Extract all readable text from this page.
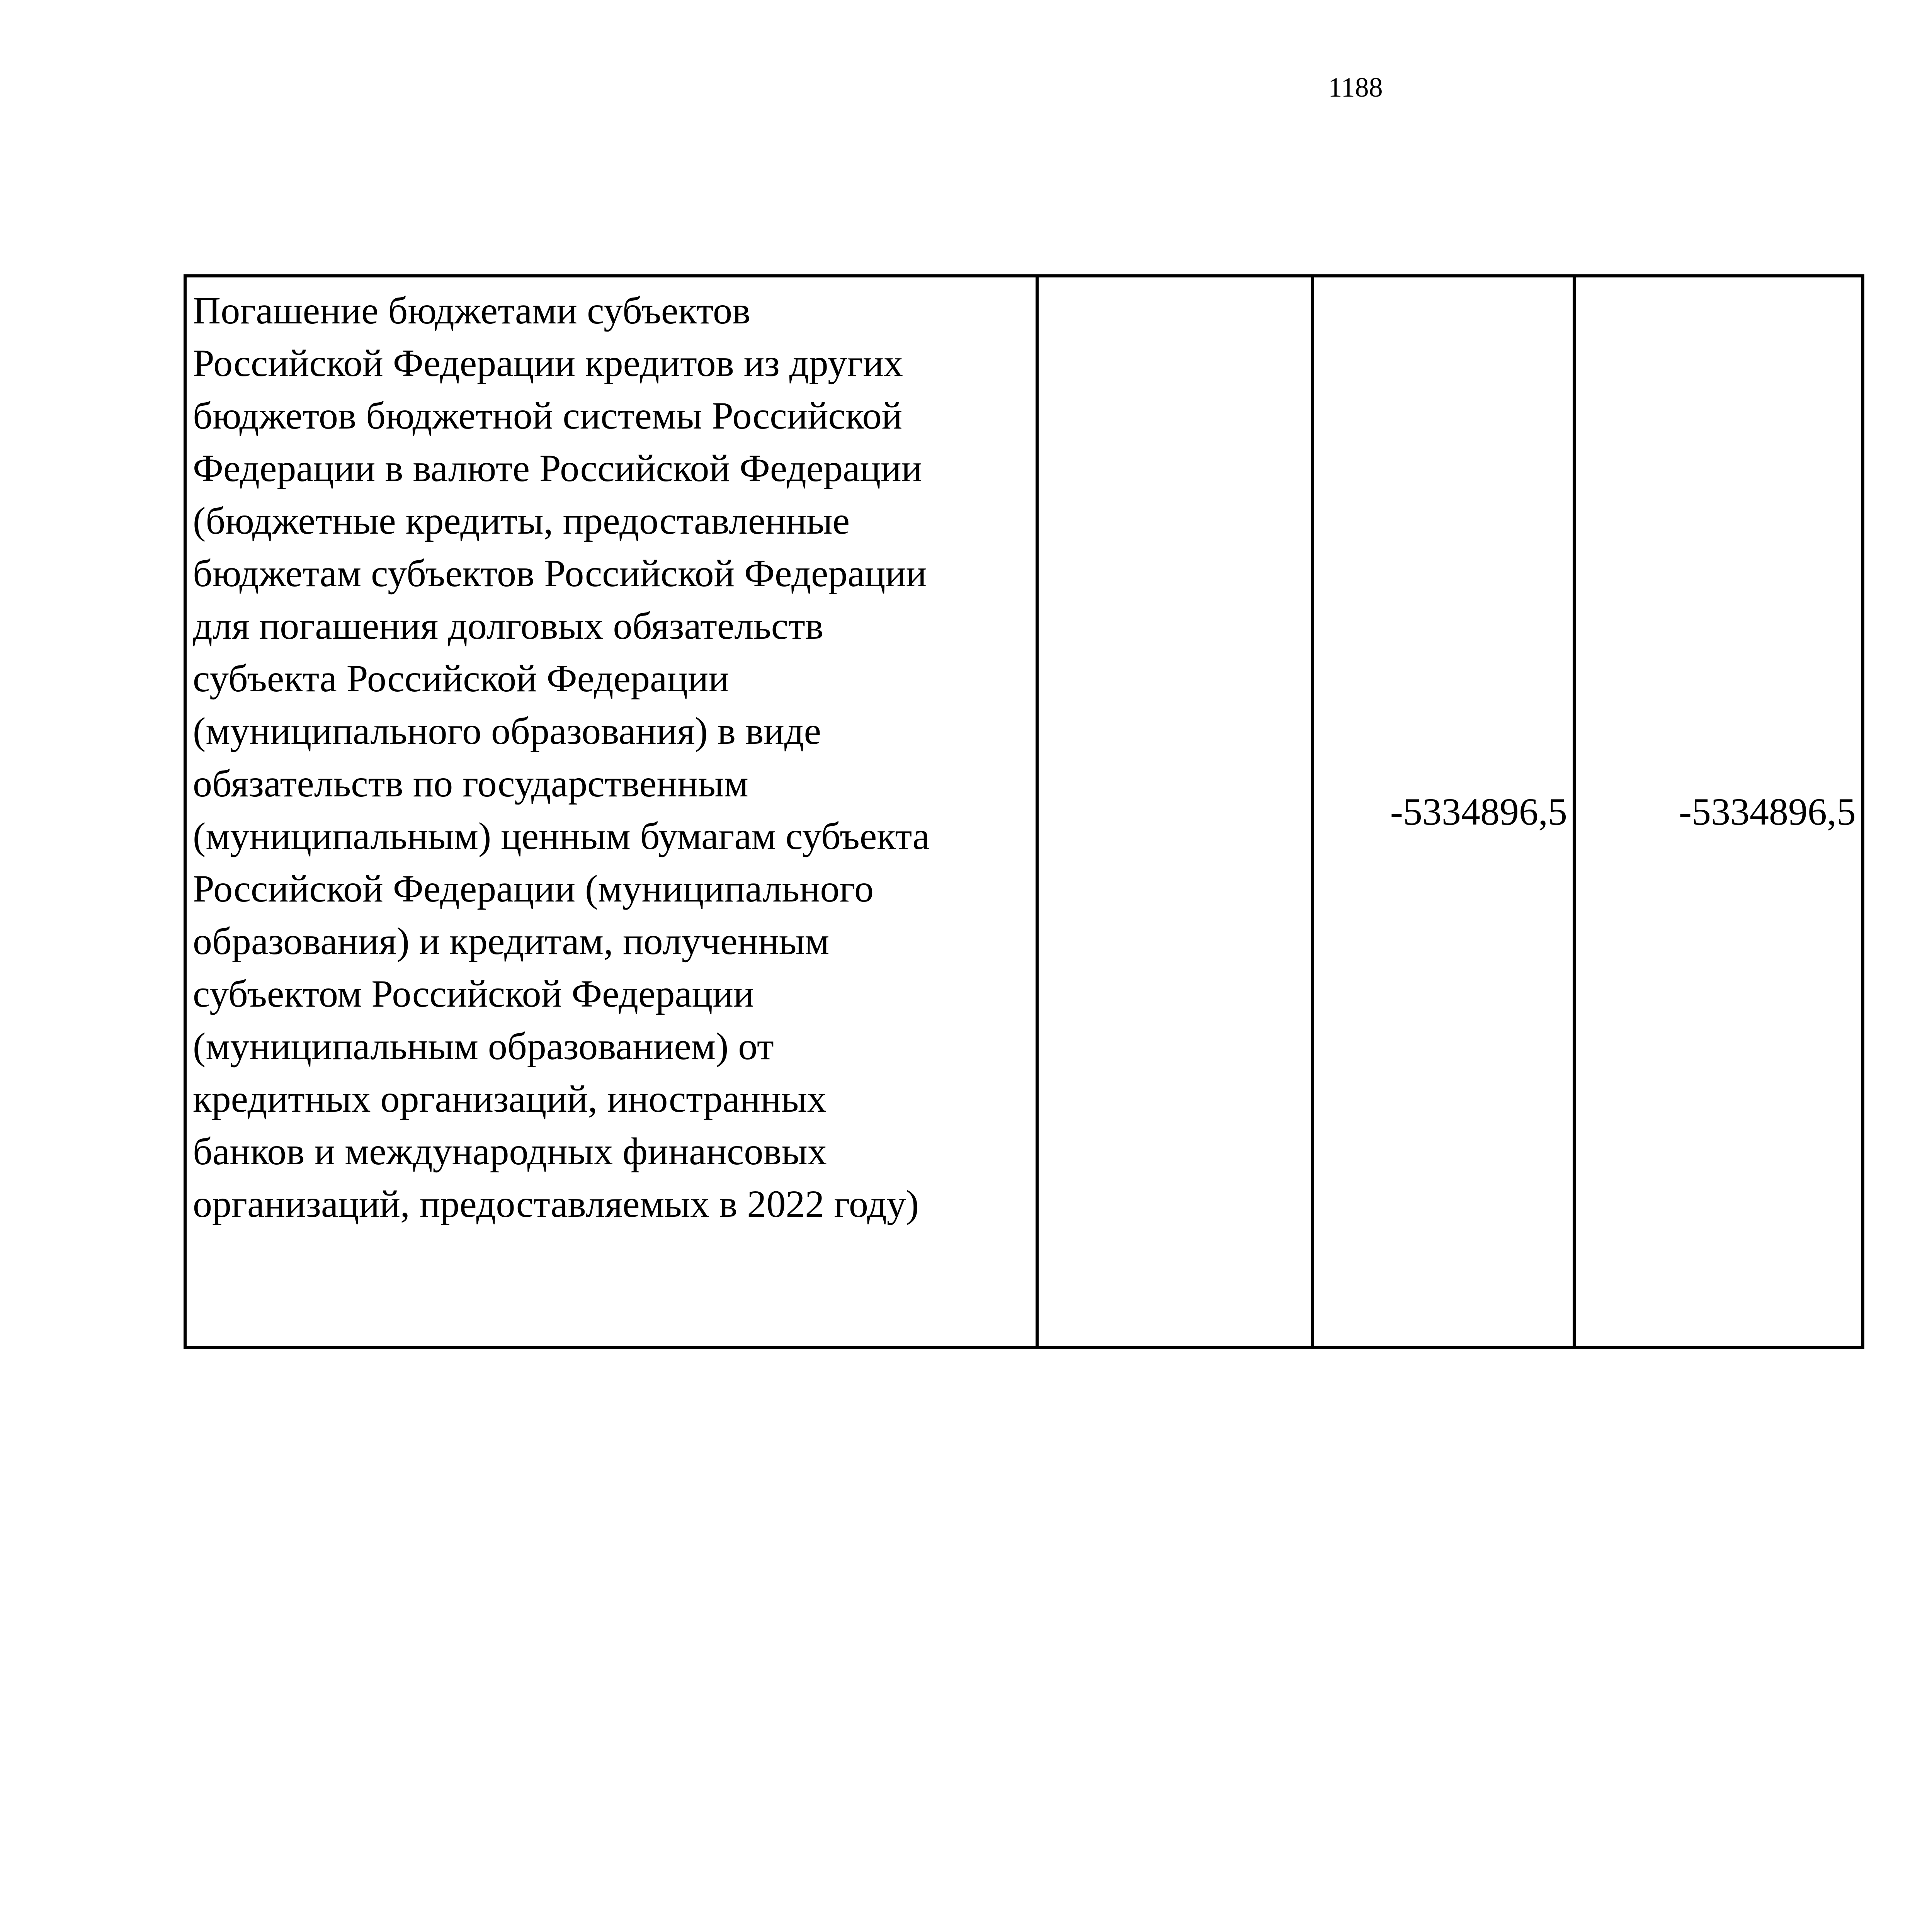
1188
Погашение бюджетами субъектов
Российской Федерации кредитов из других
бюджетов бюджетной системы Российской
Федерации в валюте Российской Федерации
(бюджетные кредиты, предоставленные
бюджетам субъектов Российской Федерации
для погашения долговых обязательств
субъекта Российской Федерации
(муниципального образования) в виде
обязательств по государственным
(муниципальным) ценным бумагам субъекта
Российской Федерации (муниципального
образования) и кредитам, полученным
субъектом Российской Федерации
(муниципальным образованием) от
кредитных организаций, иностранных
банков и международных финансовых
организаций, предоставляемых в 2022 году)
		-5334896,5	-5334896,5
